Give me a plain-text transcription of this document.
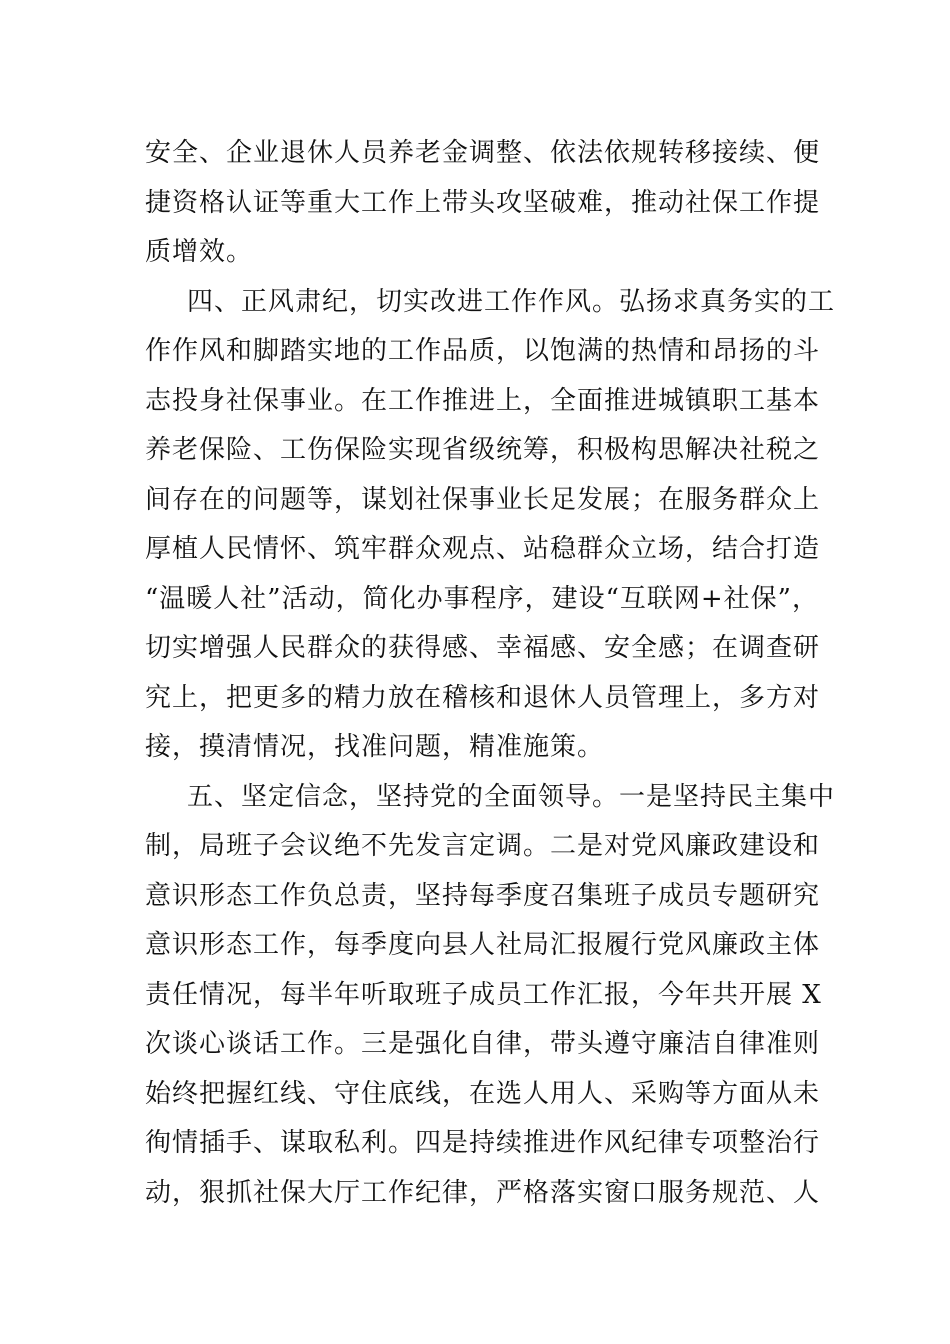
安全、企业退休人员养老金调整、依法依规转移接续、便
捷资格认证等重大工作上带头攻坚破难，推动社保工作提
质增效。
四、正风肃纪，切实改进工作作风。弘扬求真务实的工
作作风和脚踏实地的工作品质，以饱满的热情和昂扬的斗
志投身社保事业。在工作推进上，全面推进城镇职工基本
养老保险、工伤保险实现省级统筹，积极构思解决社税之
间存在的问题等，谋划社保事业长足发展；在服务群众上
厚植人民情怀、筑牢群众观点、站稳群众立场，结合打造
“温暖人社”活动，简化办事程序，建设“互联网+社保”，
切实增强人民群众的获得感、幸福感、安全感；在调查研
究上，把更多的精力放在稽核和退休人员管理上，多方对
接，摸清情况，找准问题，精准施策。
五、坚定信念，坚持党的全面领导。一是坚持民主集中
制，局班子会议绝不先发言定调。二是对党风廉政建设和
意识形态工作负总责，坚持每季度召集班子成员专题研究
意识形态工作，每季度向县人社局汇报履行党风廉政主体
责任情况，每半年听取班子成员工作汇报，今年共开展 X
次谈心谈话工作。三是强化自律，带头遵守廉洁自律准则
始终把握红线、守住底线，在选人用人、采购等方面从未
徇情插手、谋取私利。四是持续推进作风纪律专项整治行
动，狠抓社保大厅工作纪律，严格落实窗口服务规范、人
